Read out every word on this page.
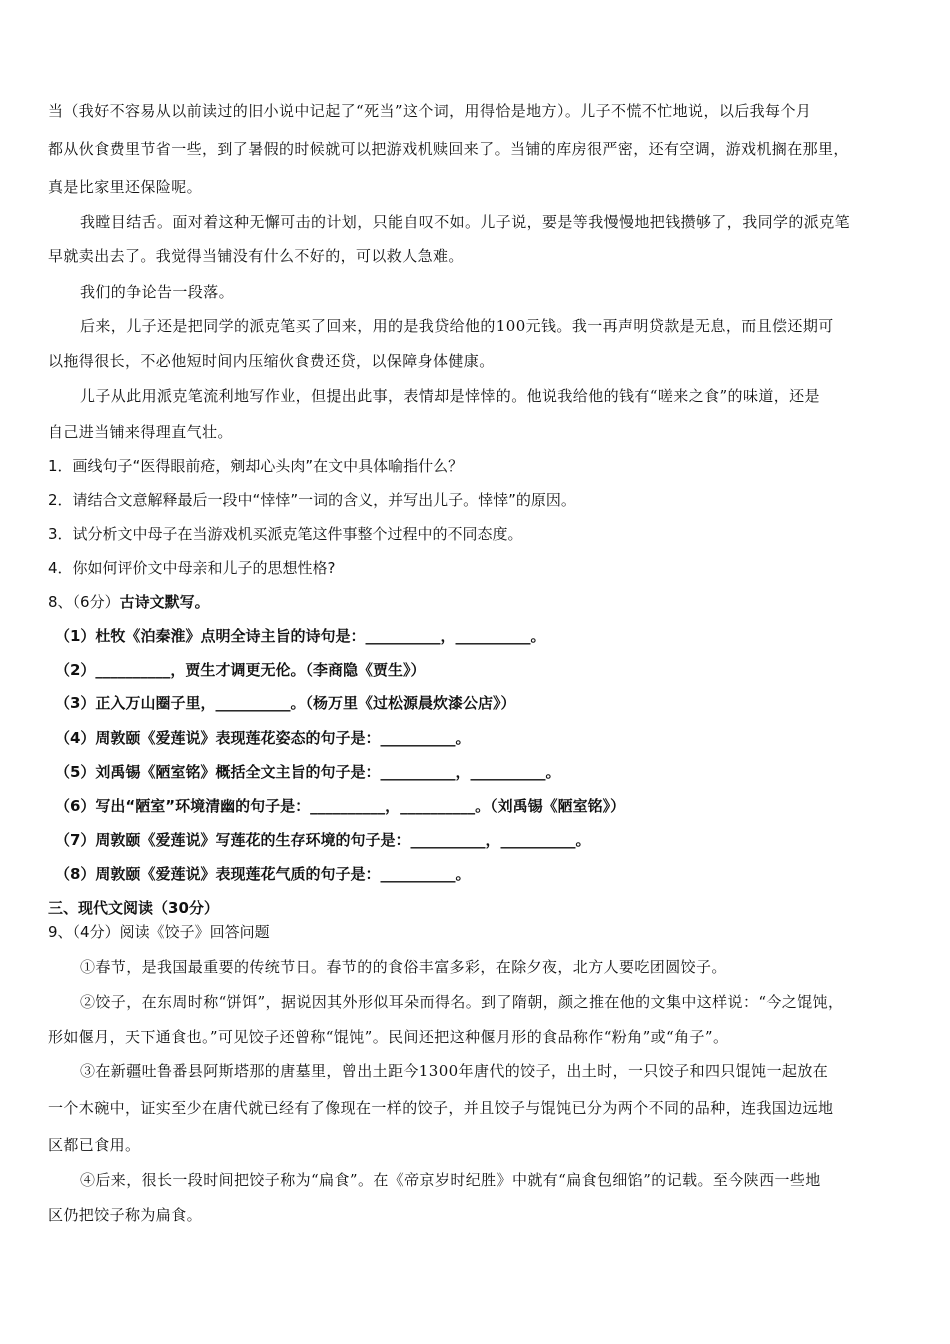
当（我好不容易从以前读过的旧小说中记起了“死当”这个词，用得恰是地方）。儿子不慌不忙地说，以后我每个月
都从伙食费里节省一些，到了暑假的时候就可以把游戏机赎回来了。当铺的库房很严密，还有空调，游戏机搁在那里，
真是比家里还保险呢。
我瞠目结舌。面对着这种无懈可击的计划，只能自叹不如。儿子说，要是等我慢慢地把钱攒够了，我同学的派克笔
早就卖出去了。我觉得当铺没有什么不好的，可以救人急难。
我们的争论告一段落。
后来，儿子还是把同学的派克笔买了回来，用的是我贷给他的100元钱。我一再声明贷款是无息，而且偿还期可
以拖得很长，不必他短时间内压缩伙食费还贷，以保障身体健康。
儿子从此用派克笔流利地写作业，但提出此事，表情却是悻悻的。他说我给他的钱有“嗟来之食”的味道，还是
自己进当铺来得理直气壮。
1．画线句子“医得眼前疮，剜却心头肉”在文中具体喻指什么？
2．请结合文意解释最后一段中“悻悻”一词的含义，并写出儿子。悻悻”的原因。
3．试分析文中母子在当游戏机买派克笔这件事整个过程中的不同态度。
4．你如何评价文中母亲和儿子的思想性格?
8、（6分）古诗文默写。
（1）杜牧《泊秦淮》点明全诗主旨的诗句是：__________，__________。
（2）__________，贾生才调更无伦。（李商隐《贾生》）
（3）正入万山圈子里，__________。（杨万里《过松源晨炊漆公店》）
（4）周敦颐《爱莲说》表现莲花姿态的句子是：__________。
（5）刘禹锡《陋室铭》概括全文主旨的句子是：__________，__________。
（6）写出“陋室”环境清幽的句子是：__________，__________。（刘禹锡《陋室铭》）
（7）周敦颐《爱莲说》写莲花的生存环境的句子是：__________，__________。
（8）周敦颐《爱莲说》表现莲花气质的句子是：__________。
三、现代文阅读（30分）
9、（4分）阅读《饺子》回答问题
①春节，是我国最重要的传统节日。春节的的食俗丰富多彩，在除夕夜，北方人要吃团圆饺子。
②饺子，在东周时称“饼饵”，据说因其外形似耳朵而得名。到了隋朝，颜之推在他的文集中这样说：“今之馄饨，
形如偃月，天下通食也。”可见饺子还曾称“馄饨”。民间还把这种偃月形的食品称作“粉角”或“角子”。
③在新疆吐鲁番县阿斯塔那的唐墓里，曾出土距今1300年唐代的饺子，出土时，一只饺子和四只馄饨一起放在
一个木碗中，证实至少在唐代就已经有了像现在一样的饺子，并且饺子与馄饨已分为两个不同的品种，连我国边远地
区都已食用。
④后来，很长一段时间把饺子称为“扁食”。在《帝京岁时纪胜》中就有“扁食包细馅”的记载。至今陕西一些地
区仍把饺子称为扁食。
